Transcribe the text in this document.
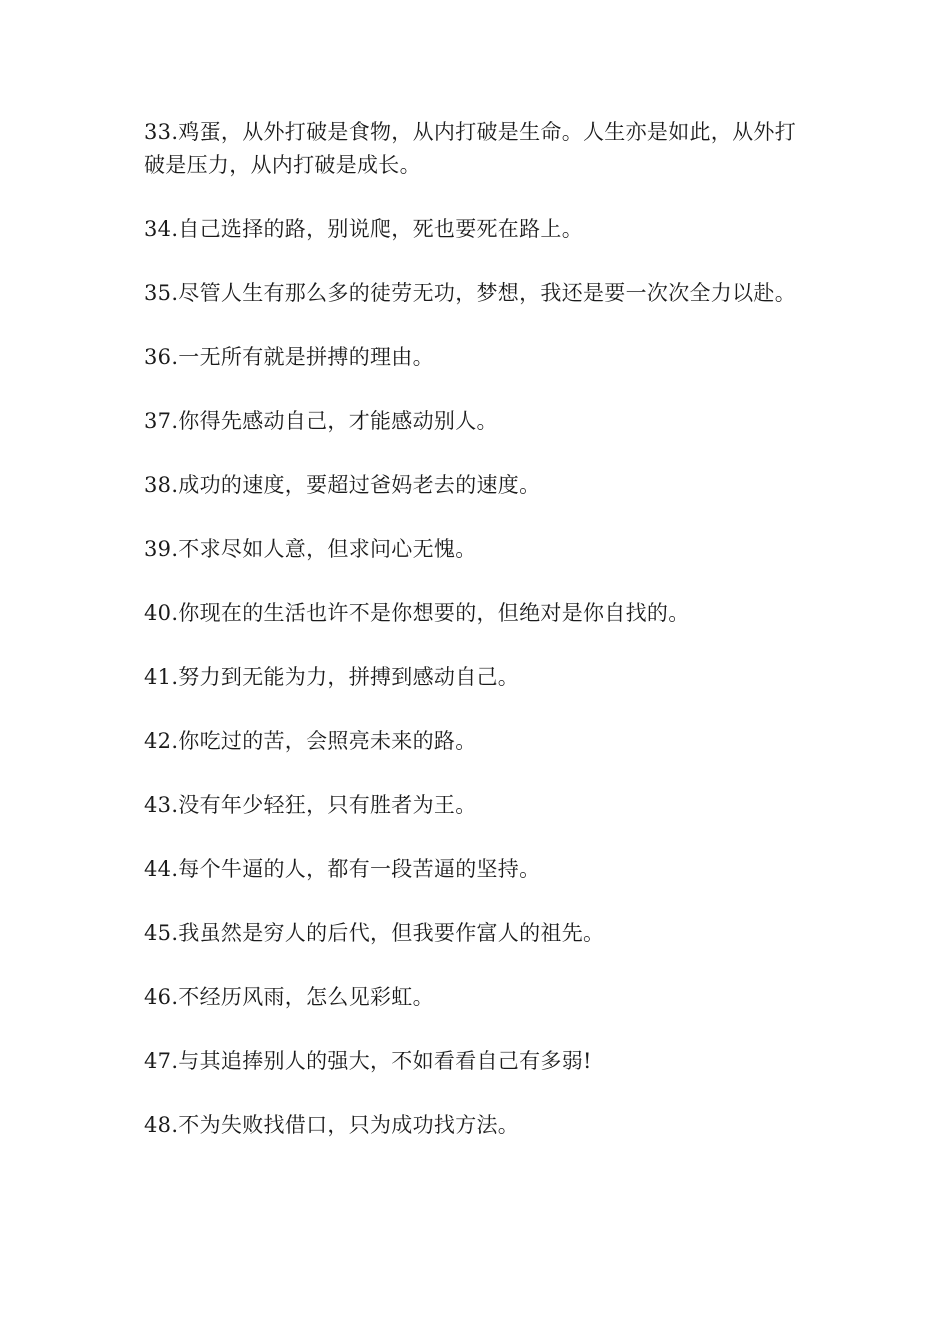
33.鸡蛋，从外打破是食物，从内打破是生命。人生亦是如此，从外打破是压力，从内打破是成长。

34.自己选择的路，别说爬，死也要死在路上。

35.尽管人生有那么多的徒劳无功，梦想，我还是要一次次全力以赴。

36.一无所有就是拼搏的理由。

37.你得先感动自己，才能感动别人。

38.成功的速度，要超过爸妈老去的速度。

39.不求尽如人意，但求问心无愧。

40.你现在的生活也许不是你想要的，但绝对是你自找的。

41.努力到无能为力，拼搏到感动自己。

42.你吃过的苦，会照亮未来的路。

43.没有年少轻狂，只有胜者为王。

44.每个牛逼的人，都有一段苦逼的坚持。

45.我虽然是穷人的后代，但我要作富人的祖先。

46.不经历风雨，怎么见彩虹。

47.与其追捧别人的强大，不如看看自己有多弱!

48.不为失败找借口，只为成功找方法。
